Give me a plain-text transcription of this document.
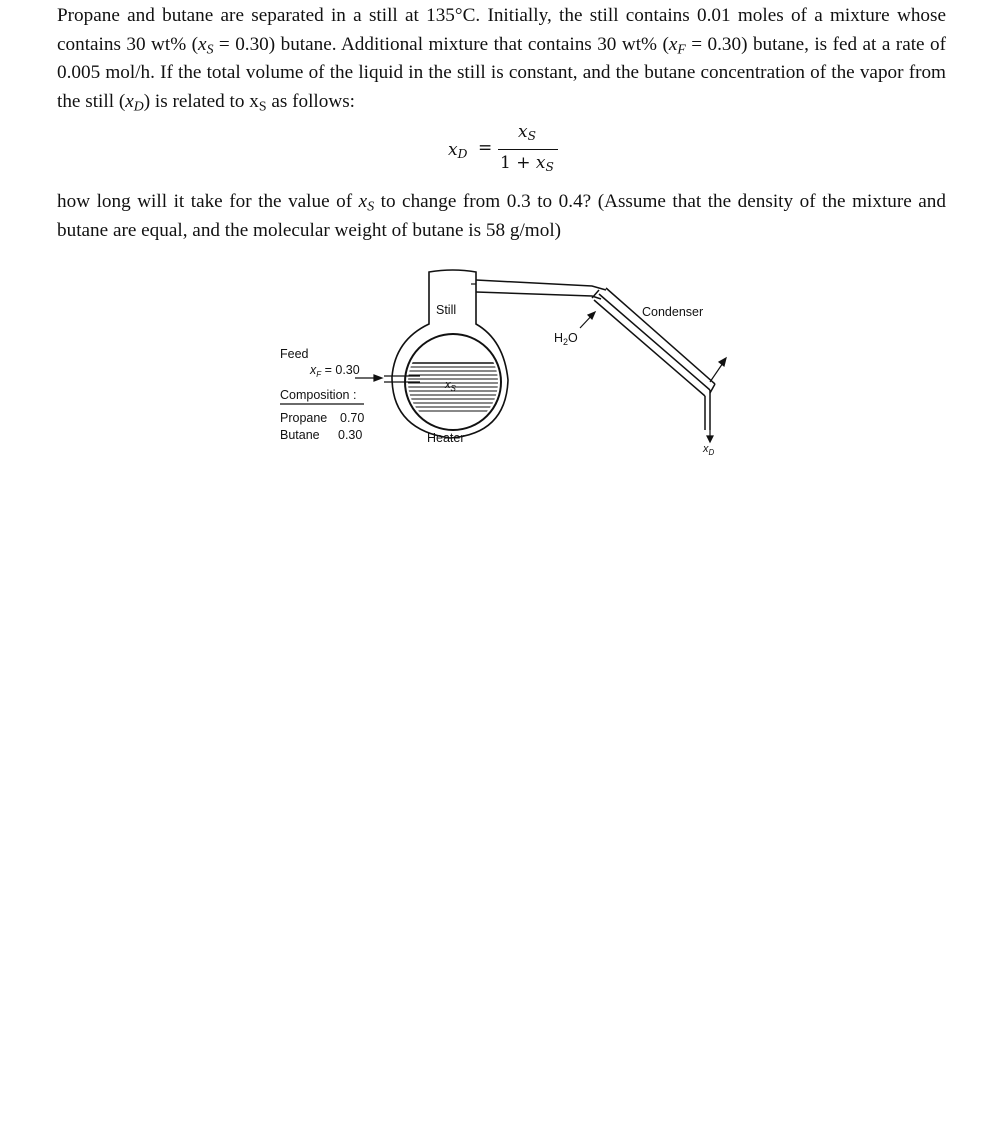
Propane and butane are separated in a still at 135°C. Initially, the still contains 0.01 moles of a mixture whose contains 30 wt% $(x_S = 0.30)$ butane. Additional mixture that contains 30 wt% $(x_F = 0.30)$ butane, is fed at a rate of 0.005 mol/h. If the total volume of the liquid in the still is constant, and the butane concentration of the vapor from the still $(x_D)$ is related to xS as follows:

$x_D$ =
$x_S$
$1 + x_S$

how long will it take for the value of $x_S$ to change from 0.3 to 0.4? (Assume that the density of the mixture and butane are equal, and the molecular weight of butane is 58 g/mol)

Still	Condenser
$H_2O$
Feed
$x_F = 0.30$
Composition :
Propane 0.70
Butane 0.30
$x_S$
Heater
$x_D$
